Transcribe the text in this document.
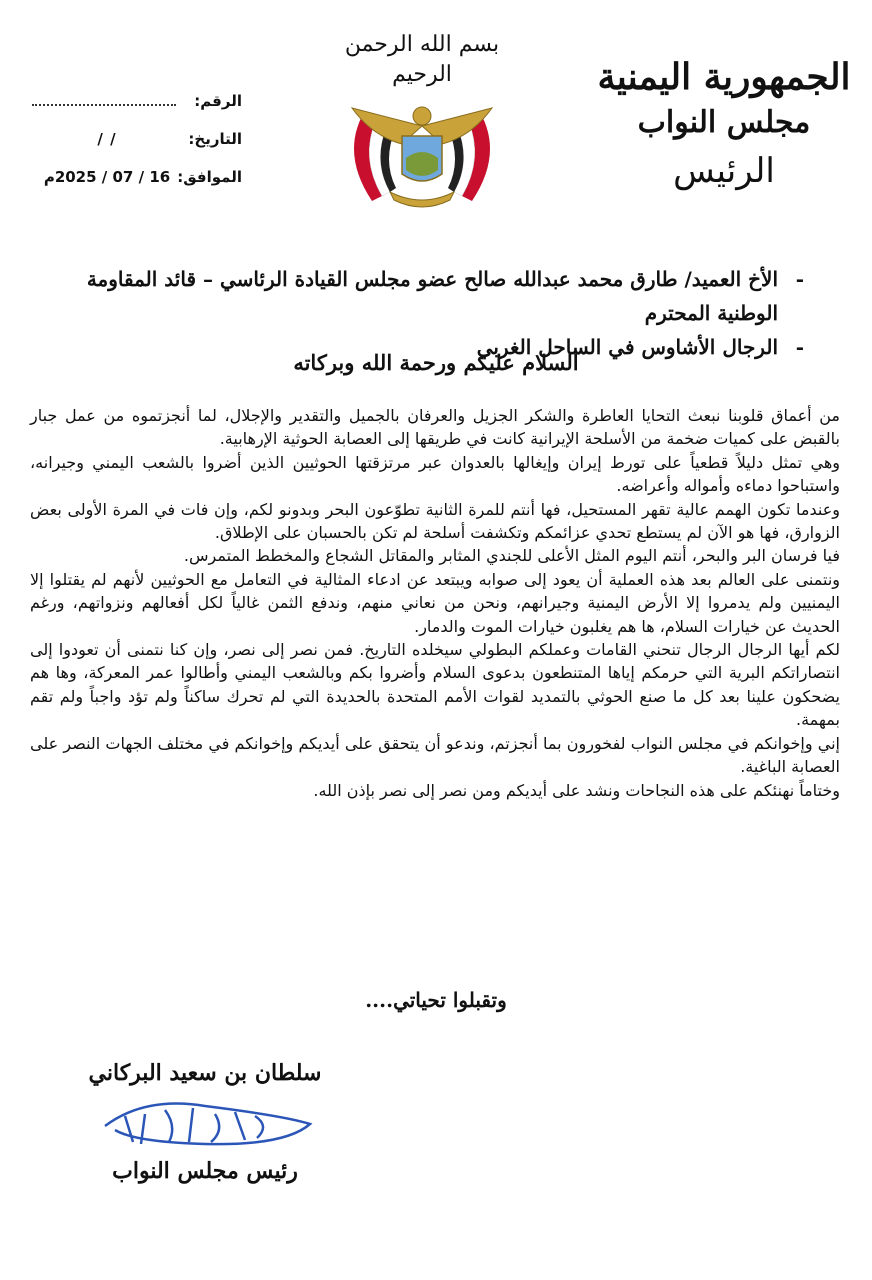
الجمهورية اليمنية
مجلس النواب
الرئيس
بسم الله الرحمن الرحيم
الرقم:
التاريخ:
/ /
الموافق:
16 / 07 / 2025م
-
الأخ العميد/ طارق محمد عبدالله صالح عضو مجلس القيادة الرئاسي – قائد المقاومة الوطنية المحترم
-
الرجال الأشاوس في الساحل الغربي
السلام عليكم ورحمة الله وبركاته

من أعماق قلوبنا نبعث التحايا العاطرة والشكر الجزيل والعرفان بالجميل والتقدير والإجلال، لما أنجزتموه من عمل جبار بالقبض على كميات ضخمة من الأسلحة الإيرانية كانت في طريقها إلى العصابة الحوثية الإرهابية.

وهي تمثل دليلاً قطعياً على تورط إيران وإيغالها بالعدوان عبر مرتزقتها الحوثيين الذين أضروا بالشعب اليمني وجيرانه، واستباحوا دماءه وأمواله وأعراضه.

وعندما تكون الهمم عالية تقهر المستحيل، فها أنتم للمرة الثانية تطوّعون البحر وبدونو لكم، وإن فات في المرة الأولى بعض الزوارق، فها هو الآن لم يستطع تحدي عزائمكم وتكشفت أسلحة لم تكن بالحسبان على الإطلاق.

فيا فرسان البر والبحر، أنتم اليوم المثل الأعلى للجندي المثابر والمقاتل الشجاع والمخطط المتمرس.

ونتمنى على العالم بعد هذه العملية أن يعود إلى صوابه ويبتعد عن ادعاء المثالية في التعامل مع الحوثيين لأنهم لم يقتلوا إلا اليمنيين ولم يدمروا إلا الأرض اليمنية وجيرانهم، ونحن من نعاني منهم، وندفع الثمن غالياً لكل أفعالهم ونزواتهم، ورغم الحديث عن خيارات السلام، ها هم يغلبون خيارات الموت والدمار.

لكم أيها الرجال الرجال تنحني القامات وعملكم البطولي سيخلده التاريخ. فمن نصر إلى نصر، وإن كنا نتمنى أن تعودوا إلى انتصاراتكم البرية التي حرمكم إياها المتنطعون بدعوى السلام وأضروا بكم وبالشعب اليمني وأطالوا عمر المعركة، وها هم يضحكون علينا بعد كل ما صنع الحوثي بالتمديد لقوات الأمم المتحدة بالحديدة التي لم تحرك ساكناً ولم تؤد واجباً ولم تقم بمهمة.

إني وإخوانكم في مجلس النواب لفخورون بما أنجزتم، وندعو أن يتحقق على أيديكم وإخوانكم في مختلف الجهات النصر على العصابة الباغية.

وختاماً نهنئكم على هذه النجاحات ونشد على أيديكم ومن نصر إلى نصر بإذن الله.

وتقبلوا تحياتي....
سلطان بن سعيد البركاني
رئيس مجلس النواب
